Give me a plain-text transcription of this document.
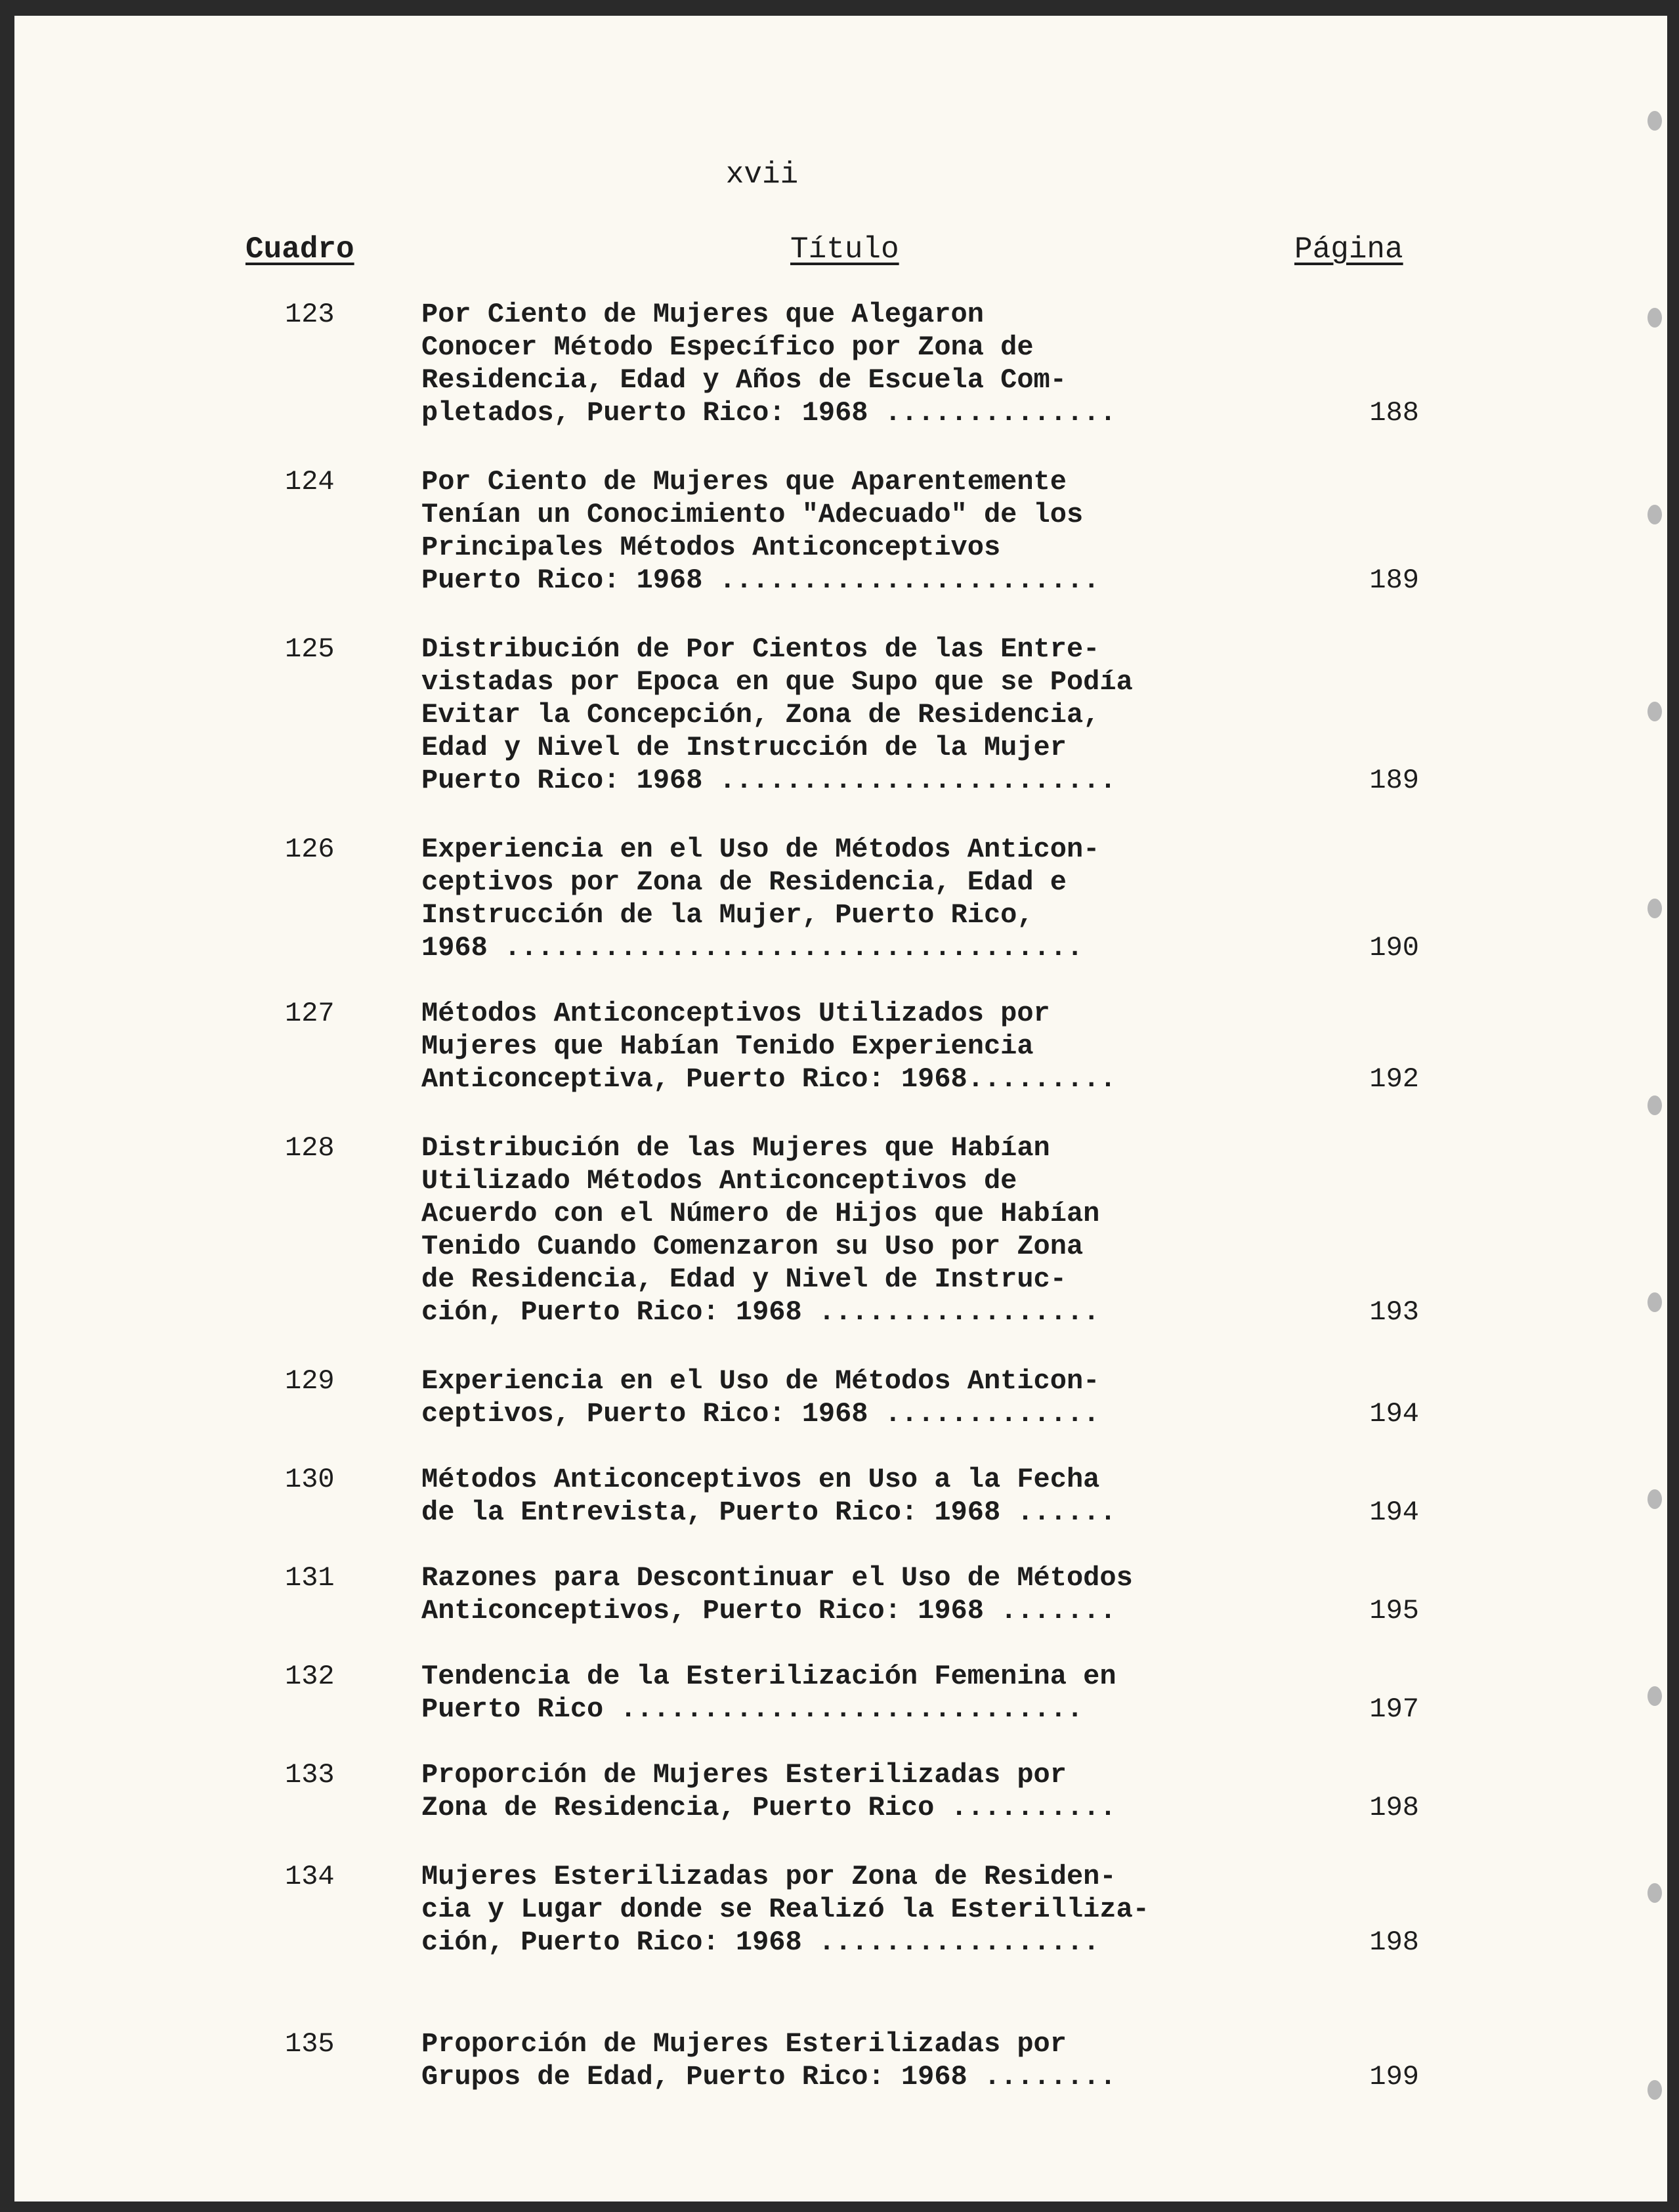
xvii
Cuadro	Título	Página
123	Por Ciento de Mujeres que Alegaron
Conocer Método Específico por Zona de
Residencia, Edad y Años de Escuela Com-
pletados, Puerto Rico: 1968 ..............	188
124	Por Ciento de Mujeres que Aparentemente
Tenían un Conocimiento "Adecuado" de los
Principales Métodos Anticonceptivos
Puerto Rico: 1968 .......................	189
125	Distribución de Por Cientos de las Entre-
vistadas por Epoca en que Supo que se Podía
Evitar la Concepción, Zona de Residencia,
Edad y Nivel de Instrucción de la Mujer
Puerto Rico: 1968 ........................	189
126	Experiencia en el Uso de Métodos Anticon-
ceptivos por Zona de Residencia, Edad e
Instrucción de la Mujer, Puerto Rico,
1968 ...................................	190
127	Métodos Anticonceptivos Utilizados por
Mujeres que Habían Tenido Experiencia
Anticonceptiva, Puerto Rico: 1968.........	192
128	Distribución de las Mujeres que Habían
Utilizado Métodos Anticonceptivos de
Acuerdo con el Número de Hijos que Habían
Tenido Cuando Comenzaron su Uso por Zona
de Residencia, Edad y Nivel de Instruc-
ción, Puerto Rico: 1968 .................	193
129	Experiencia en el Uso de Métodos Anticon-
ceptivos, Puerto Rico: 1968 .............	194
130	Métodos Anticonceptivos en Uso a la Fecha
de la Entrevista, Puerto Rico: 1968 ......	194
131	Razones para Descontinuar el Uso de Métodos
Anticonceptivos, Puerto Rico: 1968 .......	195
132	Tendencia de la Esterilización Femenina en
Puerto Rico ............................	197
133	Proporción de Mujeres Esterilizadas por
Zona de Residencia, Puerto Rico ..........	198
134	Mujeres Esterilizadas por Zona de Residen-
cia y Lugar donde se Realizó la Esterilliza-
ción, Puerto Rico: 1968 .................	198
135	Proporción de Mujeres Esterilizadas por
Grupos de Edad, Puerto Rico: 1968 ........	199
